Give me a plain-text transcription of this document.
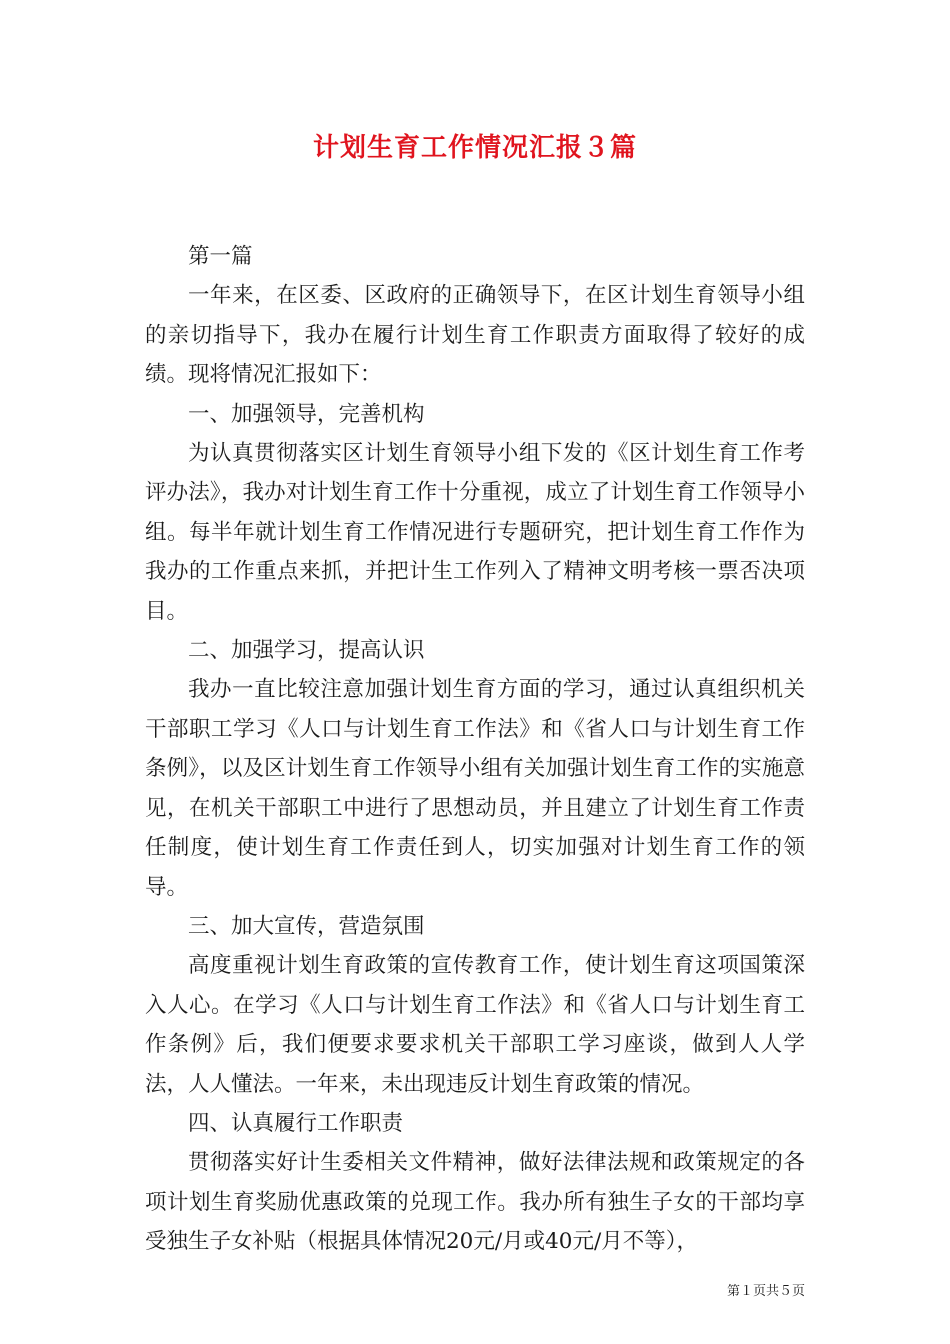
计划生育工作情况汇报３篇

第一篇

一年来，在区委、区政府的正确领导下，在区计划生育领导小组的亲切指导下，我办在履行计划生育工作职责方面取得了较好的成绩。现将情况汇报如下：

一、加强领导，完善机构

为认真贯彻落实区计划生育领导小组下发的《区计划生育工作考评办法》，我办对计划生育工作十分重视，成立了计划生育工作领导小组。每半年就计划生育工作情况进行专题研究，把计划生育工作作为我办的工作重点来抓，并把计生工作列入了精神文明考核一票否决项目。

二、加强学习，提高认识

我办一直比较注意加强计划生育方面的学习，通过认真组织机关干部职工学习《人口与计划生育工作法》和《省人口与计划生育工作条例》，以及区计划生育工作领导小组有关加强计划生育工作的实施意见，在机关干部职工中进行了思想动员，并且建立了计划生育工作责任制度，使计划生育工作责任到人，切实加强对计划生育工作的领导。

三、加大宣传，营造氛围

高度重视计划生育政策的宣传教育工作，使计划生育这项国策深入人心。在学习《人口与计划生育工作法》和《省人口与计划生育工作条例》后，我们便要求要求机关干部职工学习座谈，做到人人学法，人人懂法。一年来，未出现违反计划生育政策的情况。

四、认真履行工作职责

贯彻落实好计生委相关文件精神，做好法律法规和政策规定的各项计划生育奖励优惠政策的兑现工作。我办所有独生子女的干部均享受独生子女补贴（根据具体情况20元/月或40元/月不等），

第１页共５页
